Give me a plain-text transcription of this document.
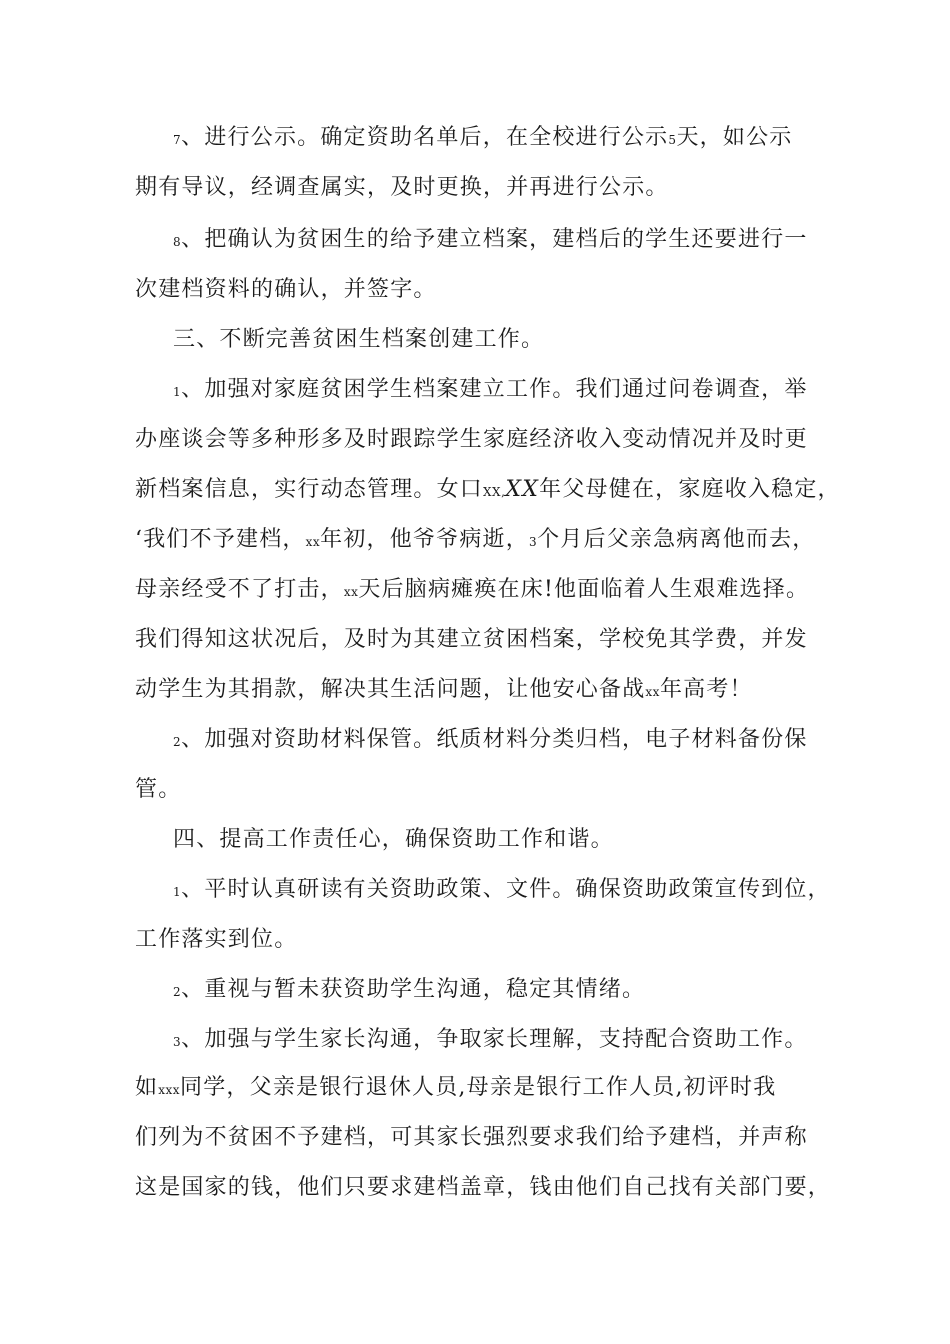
7、进行公示。确定资助名单后，在全校进行公示5天，如公示
期有导议，经调查属实，及时更换，并再进行公示。
8、把确认为贫困生的给予建立档案，建档后的学生还要进行一
次建档资料的确认，并签字。
三、不断完善贫困生档案创建工作。
1、加强对家庭贫困学生档案建立工作。我们通过问卷调查，举
办座谈会等多种形多及时跟踪学生家庭经济收入变动情况并及时更
新档案信息，实行动态管理。女口XX,XX年父母健在，家庭收入稳定，
‘我们不予建档，xx年初，他爷爷病逝，3个月后父亲急病离他而去，
母亲经受不了打击，xx天后脑病瘫痪在床!他面临着人生艰难选择。
我们得知这状况后，及时为其建立贫困档案，学校免其学费，并发
动学生为其捐款，解决其生活问题，让他安心备战xx年高考！
2、加强对资助材料保管。纸质材料分类归档，电子材料备份保
管。
四、提高工作责任心，确保资助工作和谐。
1、平时认真研读有关资助政策、文件。确保资助政策宣传到位，
工作落实到位。
2、重视与暂未获资助学生沟通，稳定其情绪。
3、加强与学生家长沟通，争取家长理解，支持配合资助工作。
如xxx同学，父亲是银行退休人员,母亲是银行工作人员,初评时我
们列为不贫困不予建档，可其家长强烈要求我们给予建档，并声称
这是国家的钱，他们只要求建档盖章，钱由他们自己找有关部门要，
